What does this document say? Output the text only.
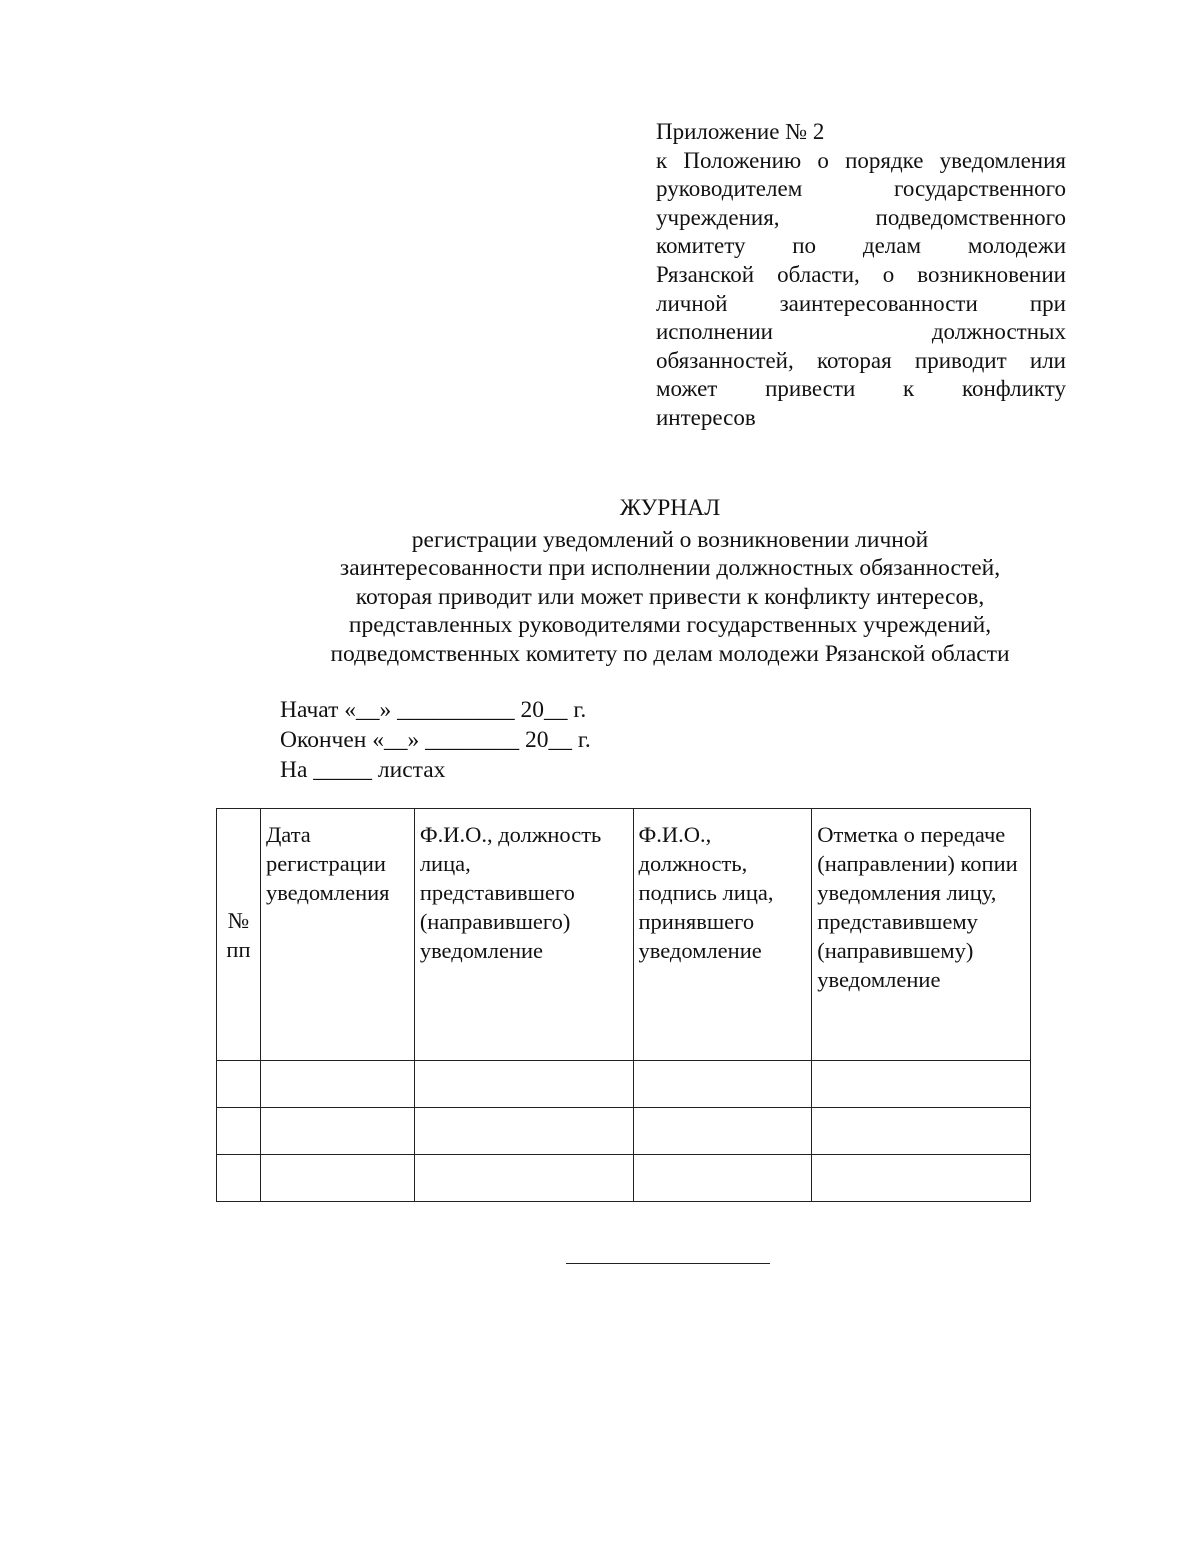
Приложение № 2
к Положению о порядке уведомления
руководителем государственного
учреждения, подведомственного
комитету по делам молодежи
Рязанской области, о возникновении
личной заинтересованности при
исполнении должностных
обязанностей, которая приводит или
может привести к конфликту
интересов
ЖУРНАЛ
регистрации уведомлений о возникновении личной
заинтересованности при исполнении должностных обязанностей,
которая приводит или может привести к конфликту интересов,
представленных руководителями государственных учреждений,
подведомственных комитету по делам молодежи Рязанской области
Начат «__» __________ 20__ г.
Окончен «__» ________ 20__ г.
На _____ листах
№ пп	Дата регистрации уведомления	Ф.И.О., должность лица, представившего (направившего) уведомление	Ф.И.О., должность, подпись лица, принявшего уведомление	Отметка о передаче (направлении) копии уведомления лицу, представившему (направившему) уведомление
